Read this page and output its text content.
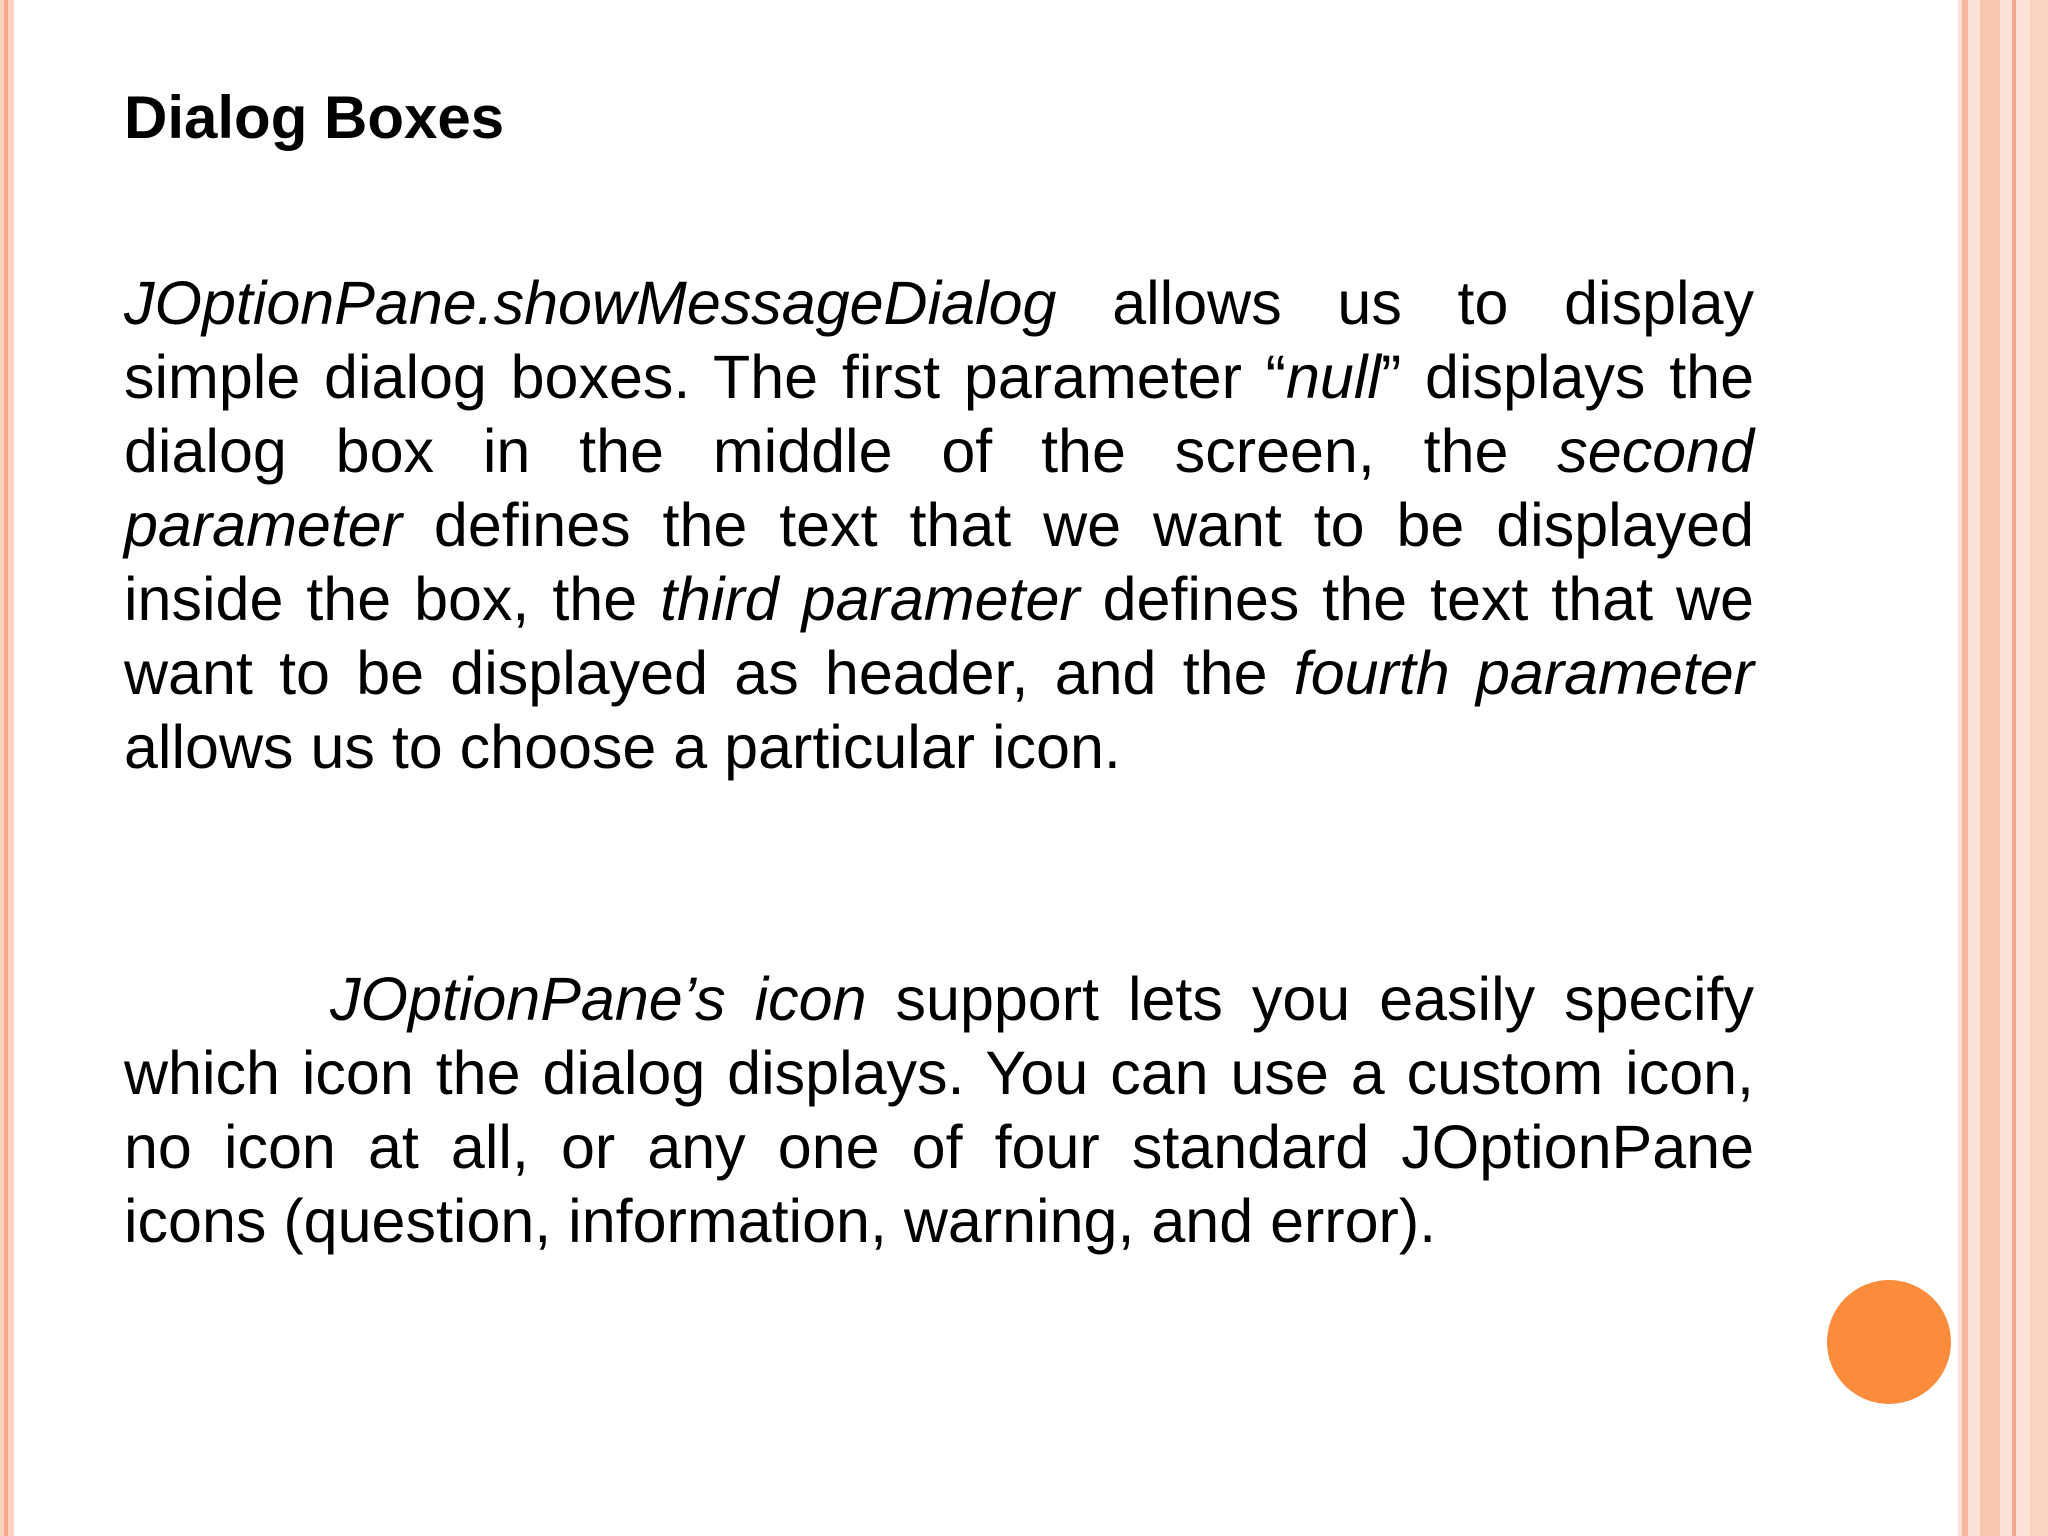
Dialog Boxes

JOptionPane.showMessageDialog allows us to display simple dialog boxes. The first parameter “null” displays the dialog box in the middle of the screen, the second parameter defines the text that we want to be displayed inside the box, the third parameter defines the text that we want to be displayed as header, and the fourth parameter allows us to choose a particular icon.

JOptionPane’s icon support lets you easily specify which icon the dialog displays. You can use a custom icon, no icon at all, or any one of four standard JOptionPane icons (question, information, warning, and error).
